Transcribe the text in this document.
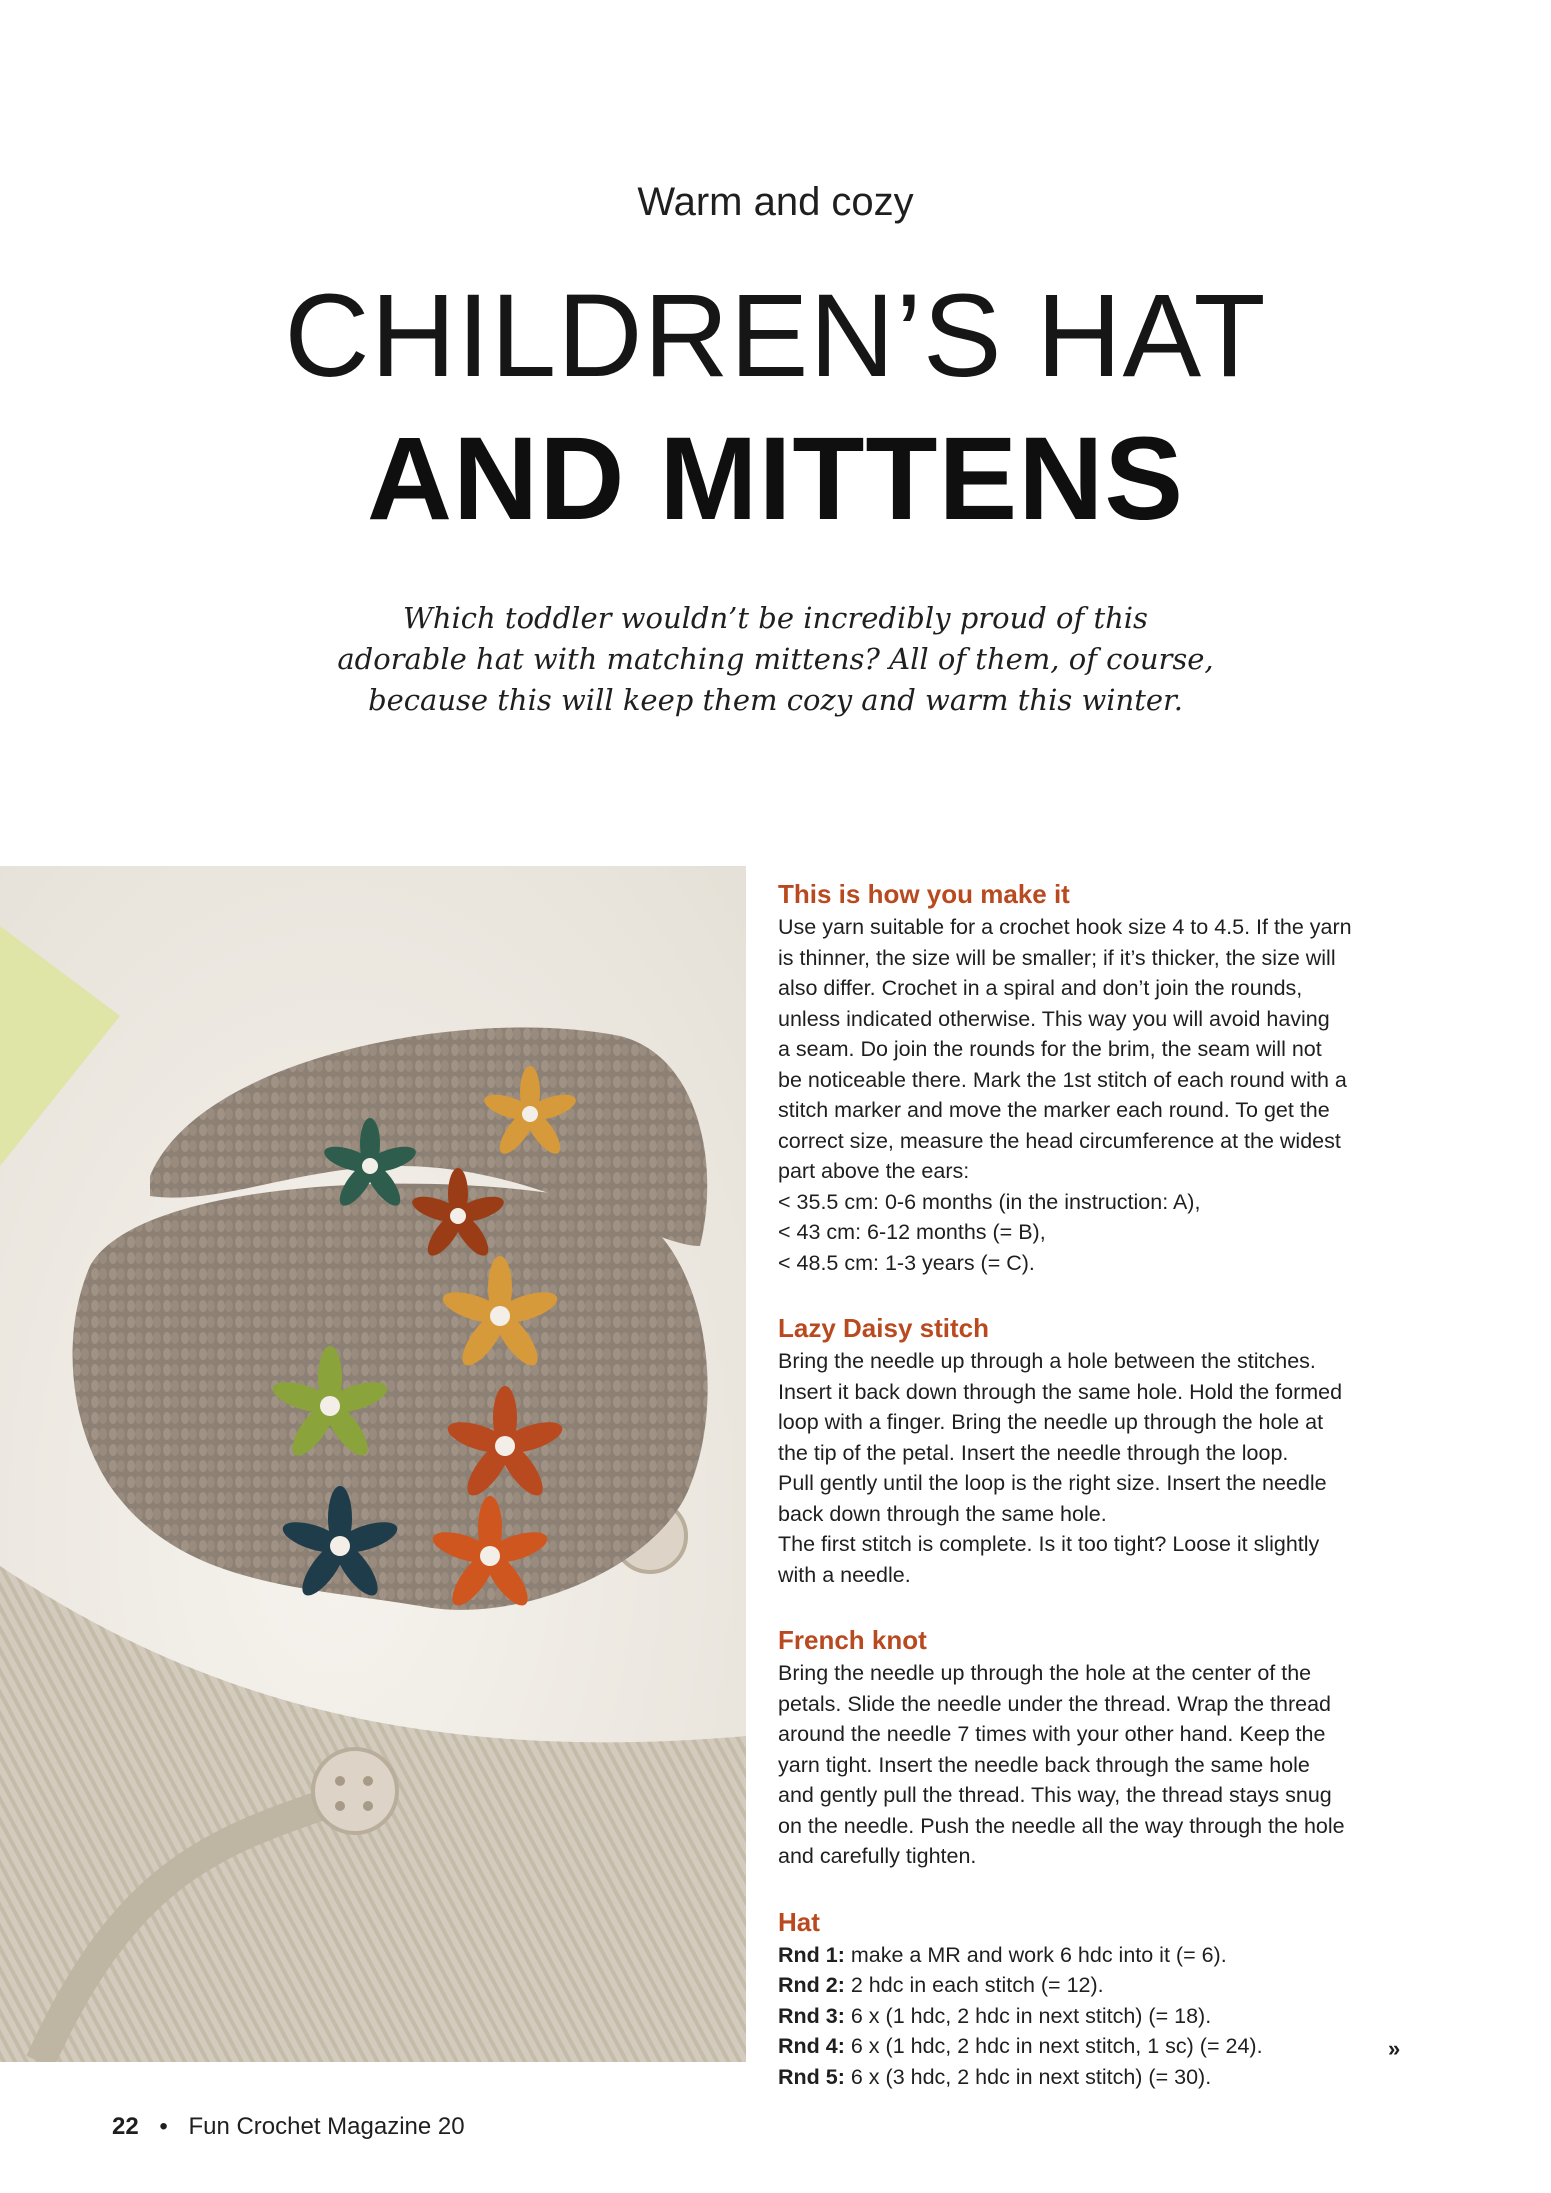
Warm and cozy
CHILDREN’S HAT
AND MITTENS
Which toddler wouldn’t be incredibly proud of this
adorable hat with matching mittens? All of them, of course,
because this will keep them cozy and warm this winter.
This is how you make it

Use yarn suitable for a crochet hook size 4 to 4.5. If the yarn
is thinner, the size will be smaller; if it’s thicker, the size will
also differ. Crochet in a spiral and don’t join the rounds,
unless indicated otherwise. This way you will avoid having
a seam. Do join the rounds for the brim, the seam will not
be noticeable there. Mark the 1st stitch of each round with a
stitch marker and move the marker each round. To get the
correct size, measure the head circumference at the widest
part above the ears:
< 35.5 cm: 0-6 months (in the instruction: A),
< 43 cm: 6-12 months (= B),
< 48.5 cm: 1-3 years (= C).

Lazy Daisy stitch

Bring the needle up through a hole between the stitches.
Insert it back down through the same hole. Hold the formed
loop with a finger. Bring the needle up through the hole at
the tip of the petal. Insert the needle through the loop.
Pull gently until the loop is the right size. Insert the needle
back down through the same hole.
The first stitch is complete. Is it too tight? Loose it slightly
with a needle.

French knot

Bring the needle up through the hole at the center of the
petals. Slide the needle under the thread. Wrap the thread
around the needle 7 times with your other hand. Keep the
yarn tight. Insert the needle back through the same hole
and gently pull the thread. This way, the thread stays snug
on the needle. Push the needle all the way through the hole
and carefully tighten.

Hat
Rnd 1: make a MR and work 6 hdc into it (= 6).
Rnd 2: 2 hdc in each stitch (= 12).
Rnd 3: 6 x (1 hdc, 2 hdc in next stitch) (= 18).
Rnd 4: 6 x (1 hdc, 2 hdc in next stitch, 1 sc) (= 24).
Rnd 5: 6 x (3 hdc, 2 hdc in next stitch) (= 30).
»
22 • Fun Crochet Magazine 20
